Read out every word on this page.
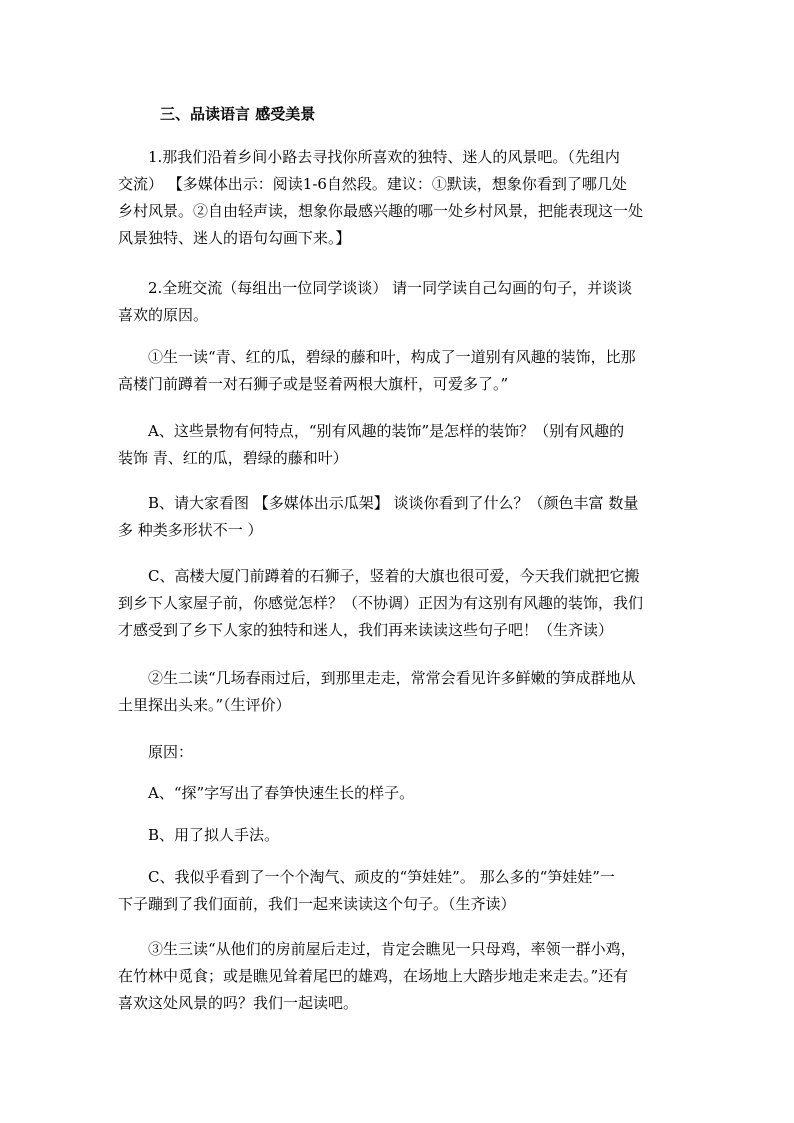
三、品读语言 感受美景

1.那我们沿着乡间小路去寻找你所喜欢的独特、迷人的风景吧。（先组内
交流） 【多媒体出示：阅读1-6自然段。建议：①默读，想象你看到了哪几处
乡村风景。②自由轻声读，想象你最感兴趣的哪一处乡村风景，把能表现这一处
风景独特、迷人的语句勾画下来。】

2.全班交流（每组出一位同学谈谈） 请一同学读自己勾画的句子，并谈谈
喜欢的原因。

①生一读“青、红的瓜，碧绿的藤和叶，构成了一道别有风趣的装饰，比那
高楼门前蹲着一对石狮子或是竖着两根大旗杆，可爱多了。”

A、这些景物有何特点，“别有风趣的装饰”是怎样的装饰？（别有风趣的
装饰 青、红的瓜，碧绿的藤和叶）

B、请大家看图 【多媒体出示瓜架】 谈谈你看到了什么？（颜色丰富 数量
多 种类多形状不一 ）

C、高楼大厦门前蹲着的石狮子，竖着的大旗也很可爱，今天我们就把它搬
到乡下人家屋子前，你感觉怎样？（不协调）正因为有这别有风趣的装饰，我们
才感受到了乡下人家的独特和迷人，我们再来读读这些句子吧！（生齐读）

②生二读“几场春雨过后，到那里走走，常常会看见许多鲜嫩的笋成群地从
土里探出头来。”（生评价）

原因：

A、“探”字写出了春笋快速生长的样子。

B、用了拟人手法。

C、我似乎看到了一个个淘气、顽皮的“笋娃娃”。 那么多的“笋娃娃”一
下子蹦到了我们面前，我们一起来读读这个句子。（生齐读）

③生三读“从他们的房前屋后走过，肯定会瞧见一只母鸡，率领一群小鸡，
在竹林中觅食；或是瞧见耸着尾巴的雄鸡，在场地上大踏步地走来走去。”还有
喜欢这处风景的吗？我们一起读吧。
